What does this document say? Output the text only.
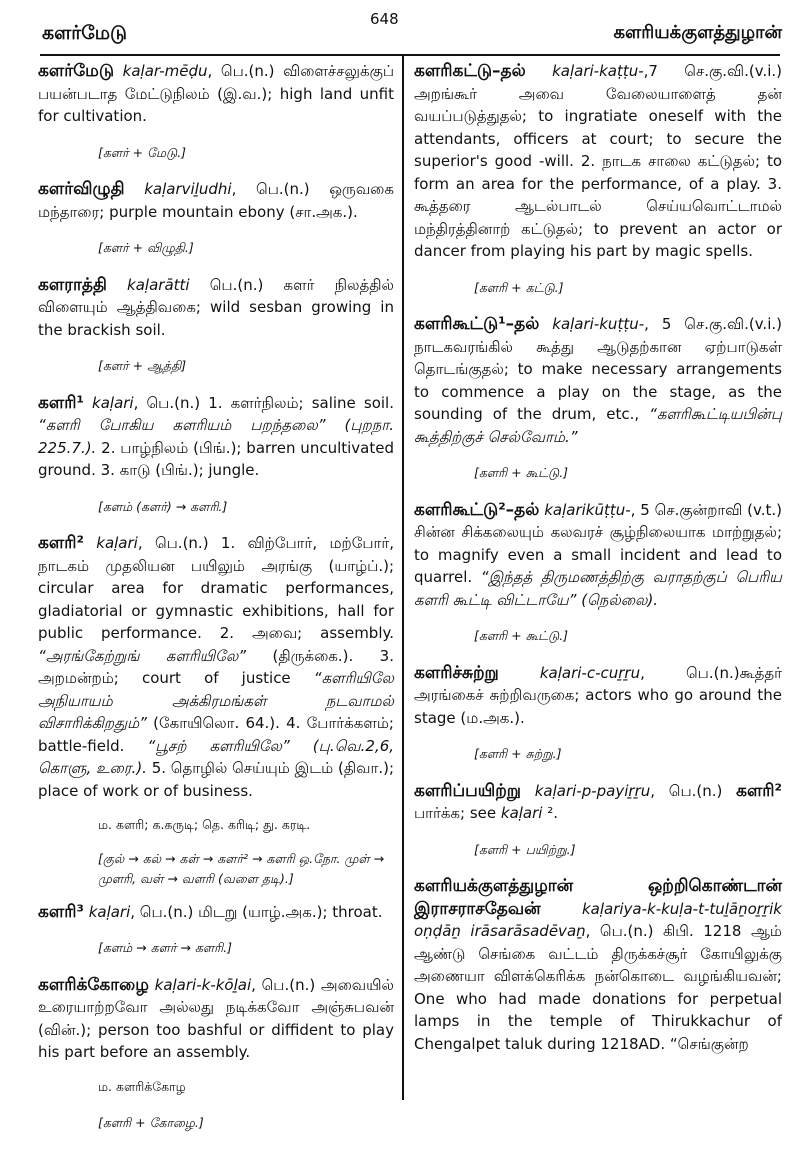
களர்மேடு
648
களரியக்குளத்துழான்

களர்மேடு kaḷar-mēḍu, பெ.(n.) விளைச்சலுக்குப் பயன்படாத மேட்டுநிலம் (இ.வ.); high land unfit for cultivation.

[களர் + மேடு.]

களர்விழுதி kaḷarviḻudhi, பெ.(n.) ஒருவகை மந்தாரை; purple mountain ebony (சா.அக.).

[களர் + விழுதி.]

களராத்தி kaḷarātti பெ.(n.) களர் நிலத்தில் விளையும் ஆத்திவகை; wild sesban growing in the brackish soil.

[களர் + ஆத்தி]

களரி¹ kaḷari, பெ.(n.) 1. களர்நிலம்; saline soil. “களரி போகிய களரியம் பறந்தலை” (புறநா. 225.7.). 2. பாழ்நிலம் (பிங்.); barren uncultivated ground. 3. காடு (பிங்.); jungle.

[களம் (களர்) → களரி.]

களரி² kaḷari, பெ.(n.) 1. விற்போர், மற்போர், நாடகம் முதலியன பயிலும் அரங்கு (யாழ்ப்.); circular area for dramatic performances, gladiatorial or gymnastic exhibitions, hall for public performance. 2. அவை; assembly. “அரங்கேற்றுங் களரியிலே” (திருக்கை.). 3. அறமன்றம்; court of justice “களரியிலே அநியாயம் அக்கிரமங்கள் நடவாமல் விசாரிக்கிறதும்” (கோயிலொ. 64.). 4. போர்க்களம்; battle-field. “பூசற் களரியிலே” (பு.வெ.2,6, கொளு, உரை.). 5. தொழில் செய்யும் இடம் (திவா.); place of work or of business.

ம. களரி; க.கருடி; தெ. கரிடி; து. கரடி.
[குல் → கல் → கள் → களர்² → களரி ஒ.நோ. முள் → முளரி, வள் → வளரி (வளை தடி).]

களரி³ kaḷari, பெ.(n.) மிடறு (யாழ்.அக.); throat.

[களம் → களர் → களரி.]

களரிக்கோழை kaḷari-k-kōḻai, பெ.(n.) அவையில் உரையாற்றவோ அல்லது நடிக்கவோ அஞ்சுபவன் (வின்.); person too bashful or diffident to play his part before an assembly.

ம. களரிக்கோழ
[களரி + கோழை.]

களரிகட்டு–தல் kaḷari-kaṭṭu-,7 செ.கு.வி.(v.i.) அறங்கூர் அவை வேலையாளைத் தன் வயப்படுத்துதல்; to ingratiate oneself with the attendants, officers at court; to secure the superior's good -will. 2. நாடக சாலை கட்டுதல்; to form an area for the performance, of a play. 3. கூத்தரை ஆடல்பாடல் செய்யவொட்டாமல் மந்திரத்தினாற் கட்டுதல்; to prevent an actor or dancer from playing his part by magic spells.

[களரி + கட்டு.]

களரிகூட்டு¹–தல் kaḷari-kuṭṭu-, 5 செ.கு.வி.(v.i.) நாடகவரங்கில் கூத்து ஆடுதற்கான ஏற்பாடுகள் தொடங்குதல்; to make necessary arrangements to commence a play on the stage, as the sounding of the drum, etc., “களரிகூட்டியபின்பு கூத்திற்குச் செல்வோம்.”

[களரி + கூட்டு.]

களரிகூட்டு²–தல் kaḷarikūṭṭu-, 5 செ.குன்றாவி (v.t.) சின்ன சிக்கலையும் கலவரச் சூழ்நிலையாக மாற்றுதல்; to magnify even a small incident and lead to quarrel. “இந்தத் திருமணத்திற்கு வராதற்குப் பெரிய களரி கூட்டி விட்டாயே” (நெல்லை).

[களரி + கூட்டு.]

களரிச்சுற்று	kaḷari-c-cuṟṟu, பெ.(n.)கூத்தர் அரங்கைச் சுற்றிவருகை; actors who go around the stage (ம.அக.).

[களரி + சுற்று.]

களரிப்பயிற்று kaḷari-p-payiṟṟu, பெ.(n.) களரி² பார்க்க; see kaḷari ².

[களரி + பயிற்று.]

களரியக்குளத்துழான் ஒற்றிகொண்டான் இராசராசதேவன்	kaḷariya-k-kuḷa-t-tuḻāṉoṟṟik oṇḍāṉ irāsarāsadēvaṉ, பெ.(n.) கிபி. 1218 ஆம் ஆண்டு செங்கை வட்டம் திருக்கச்சூர் கோயிலுக்கு அணையா விளக்கெரிக்க நன்கொடை வழங்கியவன்; One who had made donations for perpetual lamps in the temple of Thirukkachur of Chengalpet taluk during 1218AD. “செங்குன்ற
